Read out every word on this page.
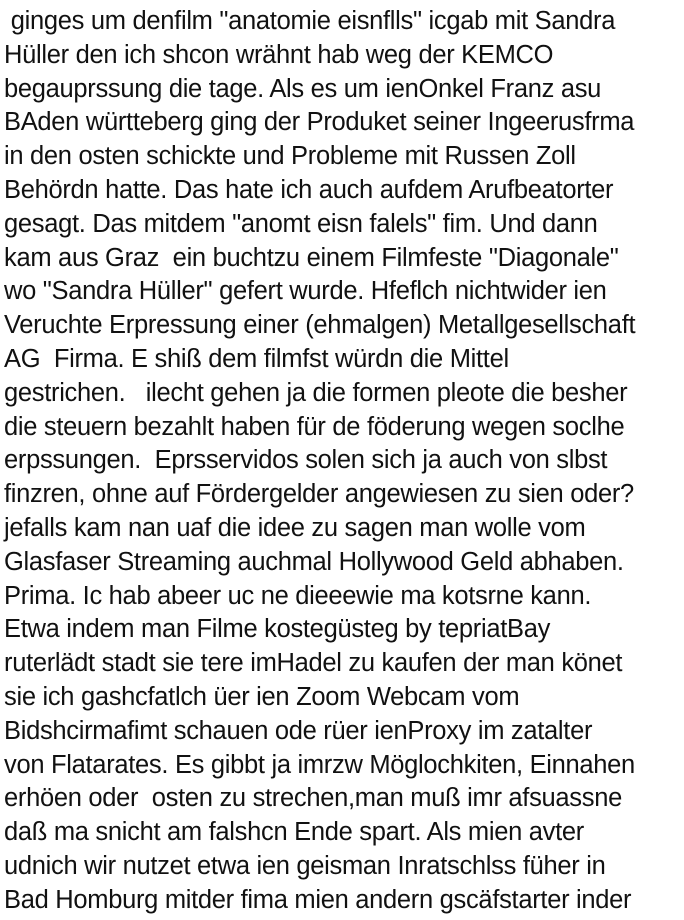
ginges um denfilm "anatomie eisnflls" icgab mit Sandra
Hüller den ich shcon wrähnt hab weg der KEMCO
begauprssung die tage. Als es um ienOnkel Franz asu
BAden württeberg ging der Produket seiner Ingeerusfrma
in den osten schickte und Probleme mit Russen Zoll
Behördn hatte. Das hate ich auch aufdem Arufbeatorter
gesagt. Das mitdem "anomt eisn falels" fim. Und dann
kam aus Graz  ein buchtzu einem Filmfeste "Diagonale"
wo "Sandra Hüller" gefert wurde. Hfeflch nichtwider ien
Veruchte Erpressung einer (ehmalgen) Metallgesellschaft
AG  Firma. E shiß dem filmfst würdn die Mittel
gestrichen.   ilecht gehen ja die formen pleote die besher
die steuern bezahlt haben für de föderung wegen soclhe
erpssungen.  Eprsservidos solen sich ja auch von slbst
finzren, ohne auf Fördergelder angewiesen zu sien oder?
jefalls kam nan uaf die idee zu sagen man wolle vom
Glasfaser Streaming auchmal Hollywood Geld abhaben.
Prima. Ic hab abeer uc ne dieeewie ma kotsrne kann.
Etwa indem man Filme kostegüsteg by tepriatBay
ruterlädt stadt sie tere imHadel zu kaufen der man könet
sie ich gashcfatlch üer ien Zoom Webcam vom
Bidshcirmafimt schauen ode rüer ienProxy im zatalter
von Flatarates. Es gibbt ja imrzw Möglochkiten, Einnahen
erhöen oder  osten zu strechen,man muß imr afsuassne
daß ma snicht am falshcn Ende spart. Als mien avter
udnich wir nutzet etwa ien geisman Inratschlss füher in
Bad Homburg mitder fima mien andern gscäfstarter inder
